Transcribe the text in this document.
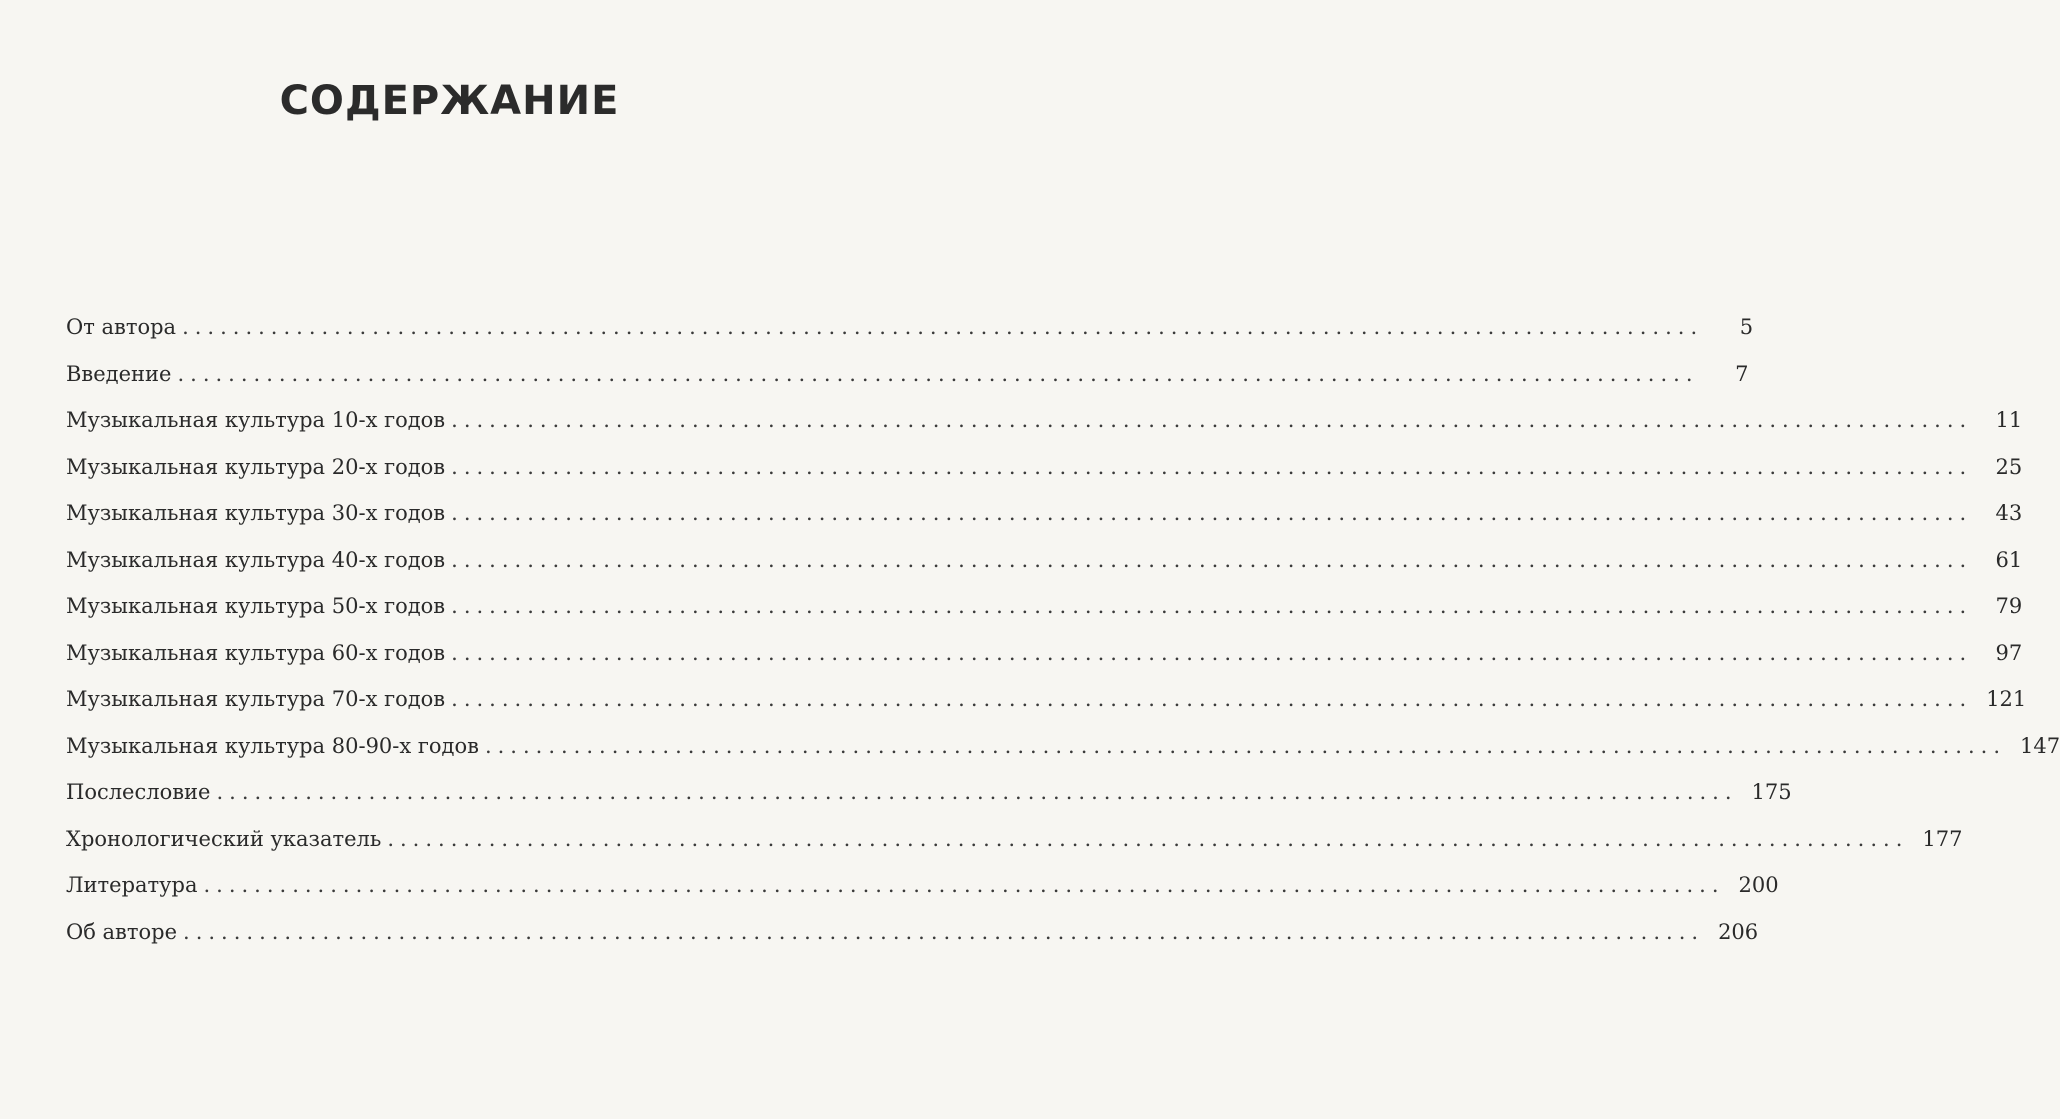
СОДЕРЖАНИЕ
От автора ........................................................................................................................	5
Введение ........................................................................................................................	7
Музыкальная культура 10-х годов ........................................................................................................................	11
Музыкальная культура 20-х годов ........................................................................................................................	25
Музыкальная культура 30-х годов ........................................................................................................................	43
Музыкальная культура 40-х годов ........................................................................................................................	61
Музыкальная культура 50-х годов ........................................................................................................................	79
Музыкальная культура 60-х годов ........................................................................................................................	97
Музыкальная культура 70-х годов ........................................................................................................................ 121
Музыкальная культура 80-90-х годов ........................................................................................................................ 147
Послесловие ........................................................................................................................ 175
Хронологический указатель ........................................................................................................................ 177
Литература ........................................................................................................................ 200
Об авторе ........................................................................................................................ 206
